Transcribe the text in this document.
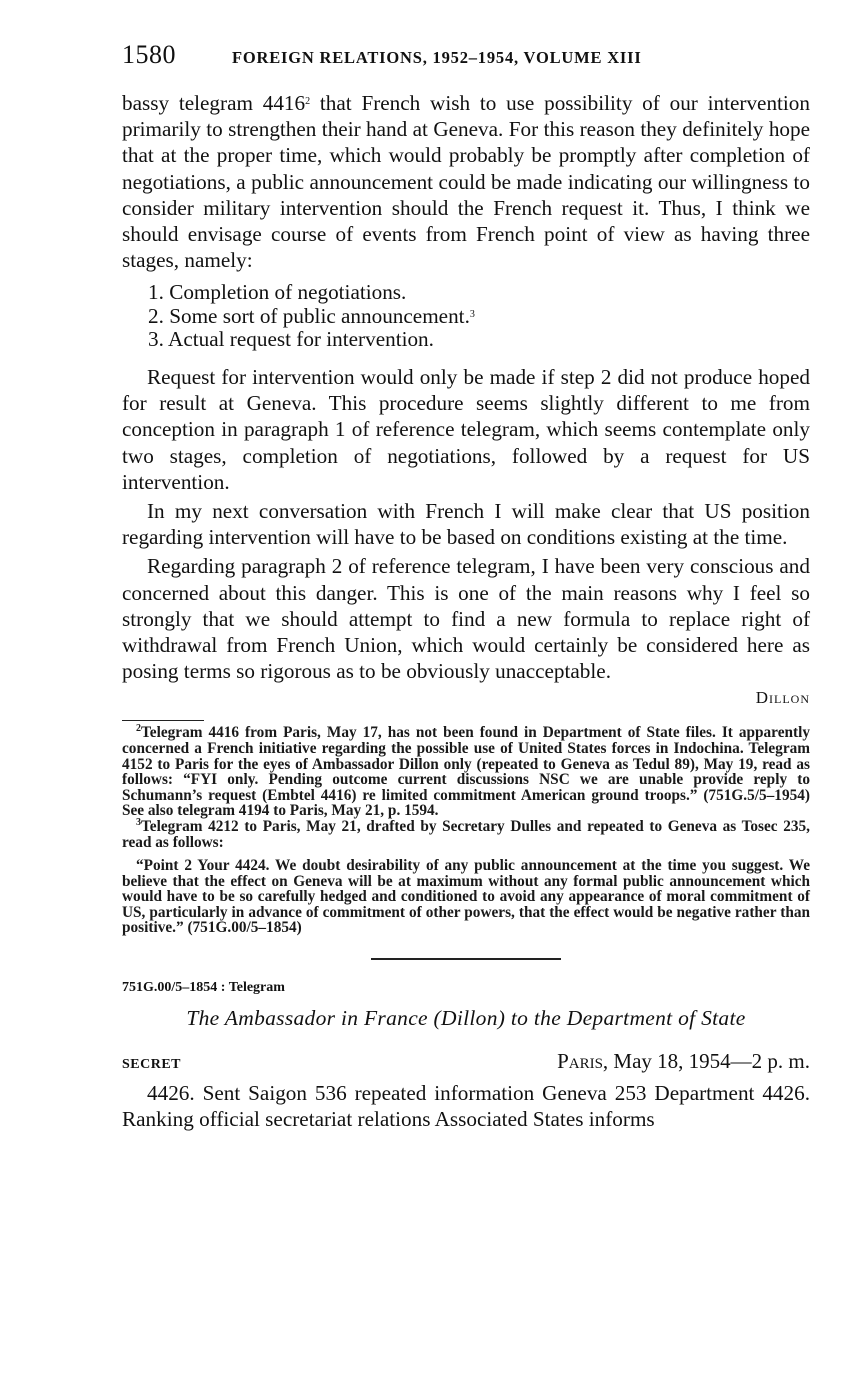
1580	FOREIGN RELATIONS, 1952–1954, VOLUME XIII

bassy telegram 4416$^2$ that French wish to use possibility of our intervention primarily to strengthen their hand at Geneva. For this reason they definitely hope that at the proper time, which would probably be promptly after completion of negotiations, a public announcement could be made indicating our willingness to consider military intervention should the French request it. Thus, I think we should envisage course of events from French point of view as having three stages, namely:

1. Completion of negotiations.
2. Some sort of public announcement.$^3$
3. Actual request for intervention.

Request for intervention would only be made if step 2 did not produce hoped for result at Geneva. This procedure seems slightly different to me from conception in paragraph 1 of reference telegram, which seems contemplate only two stages, completion of negotiations, followed by a request for US intervention.

In my next conversation with French I will make clear that US position regarding intervention will have to be based on conditions existing at the time.

Regarding paragraph 2 of reference telegram, I have been very conscious and concerned about this danger. This is one of the main reasons why I feel so strongly that we should attempt to find a new formula to replace right of withdrawal from French Union, which would certainly be considered here as posing terms so rigorous as to be obviously unacceptable.

Dillon

$^2$Telegram 4416 from Paris, May 17, has not been found in Department of State files. It apparently concerned a French initiative regarding the possible use of United States forces in Indochina. Telegram 4152 to Paris for the eyes of Ambassador Dillon only (repeated to Geneva as Tedul 89), May 19, read as follows: “FYI only. Pending outcome current discussions NSC we are unable provide reply to Schumann’s request (Embtel 4416) re limited commitment American ground troops.” (751G.5/5–1954) See also telegram 4194 to Paris, May 21, p. 1594.

$^3$Telegram 4212 to Paris, May 21, drafted by Secretary Dulles and repeated to Geneva as Tosec 235, read as follows:

“Point 2 Your 4424. We doubt desirability of any public announcement at the time you suggest. We believe that the effect on Geneva will be at maximum without any formal public announcement which would have to be so carefully hedged and conditioned to avoid any appearance of moral commitment of US, particularly in advance of commitment of other powers, that the effect would be negative rather than positive.” (751G.00/5–1854)

751G.00/5–1854 : Telegram
The Ambassador in France (Dillon) to the Department of State
SECRET	Paris, May 18, 1954—2 p. m.

4426. Sent Saigon 536 repeated information Geneva 253 Department 4426. Ranking official secretariat relations Associated States informs
